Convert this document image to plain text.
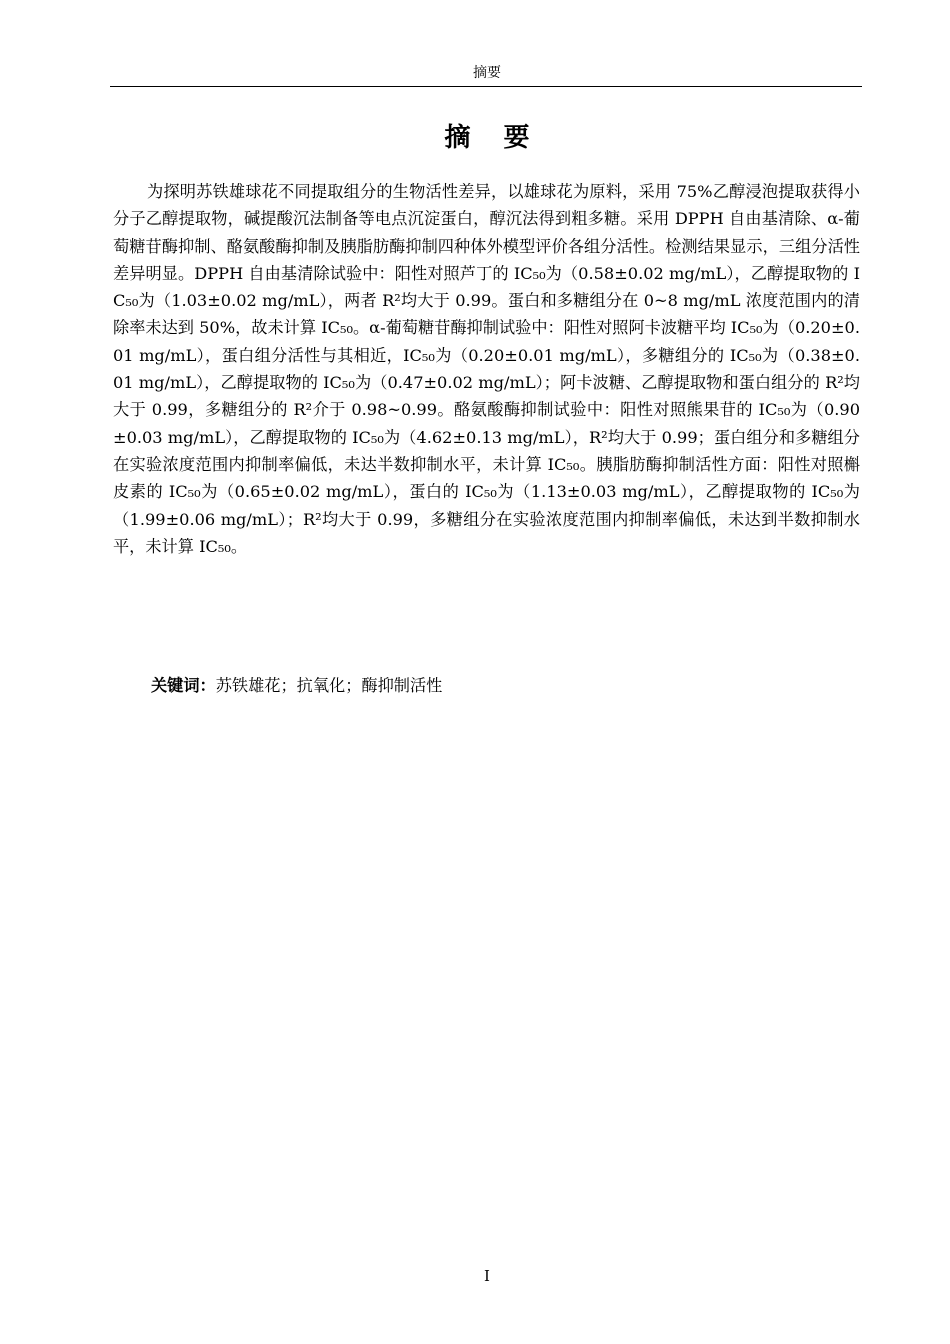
摘要
摘 要

为探明苏铁雄球花不同提取组分的生物活性差异，以雄球花为原料，采用 75%乙醇浸泡提取获得小分子乙醇提取物，碱提酸沉法制备等电点沉淀蛋白，醇沉法得到粗多糖。采用 DPPH 自由基清除、α-葡萄糖苷酶抑制、酪氨酸酶抑制及胰脂肪酶抑制四种体外模型评价各组分活性。检测结果显示，三组分活性差异明显。DPPH 自由基清除试验中：阳性对照芦丁的 IC₅₀为（0.58±0.02 mg/mL），乙醇提取物的 IC₅₀为（1.03±0.02 mg/mL），两者 R²均大于 0.99。蛋白和多糖组分在 0~8 mg/mL 浓度范围内的清除率未达到 50%，故未计算 IC₅₀。α-葡萄糖苷酶抑制试验中：阳性对照阿卡波糖平均 IC₅₀为（0.20±0.01 mg/mL），蛋白组分活性与其相近，IC₅₀为（0.20±0.01 mg/mL），多糖组分的 IC₅₀为（0.38±0.01 mg/mL），乙醇提取物的 IC₅₀为（0.47±0.02 mg/mL）；阿卡波糖、乙醇提取物和蛋白组分的 R²均大于 0.99，多糖组分的 R²介于 0.98~0.99。酪氨酸酶抑制试验中：阳性对照熊果苷的 IC₅₀为（0.90±0.03 mg/mL），乙醇提取物的 IC₅₀为（4.62±0.13 mg/mL），R²均大于 0.99；蛋白组分和多糖组分在实验浓度范围内抑制率偏低，未达半数抑制水平，未计算 IC₅₀。胰脂肪酶抑制活性方面：阳性对照槲皮素的 IC₅₀为（0.65±0.02 mg/mL），蛋白的 IC₅₀为（1.13±0.03 mg/mL），乙醇提取物的 IC₅₀为（1.99±0.06 mg/mL）；R²均大于 0.99，多糖组分在实验浓度范围内抑制率偏低，未达到半数抑制水平，未计算 IC₅₀。

关键词：苏铁雄花；抗氧化；酶抑制活性
I
